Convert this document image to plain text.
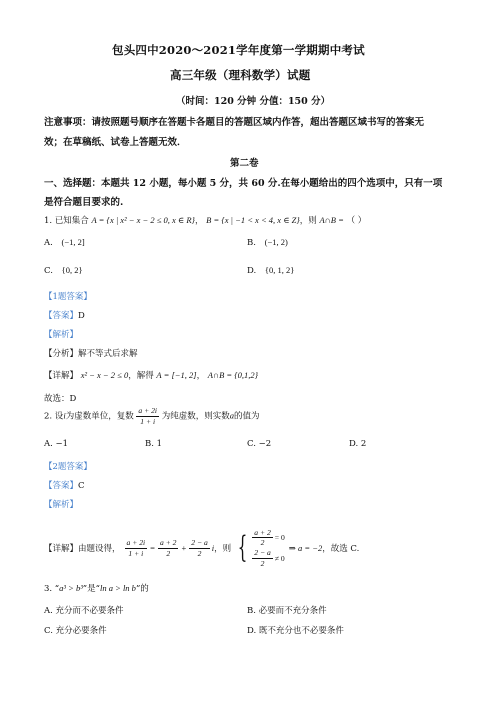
包头四中2020～2021学年度第一学期期中考试
高三年级（理科数学）试题
（时间：120 分钟 分值：150 分）
注意事项：请按照题号顺序在答题卡各题目的答题区域内作答，超出答题区域书写的答案无
效；在草稿纸、试卷上答题无效．
第二卷
一、选择题：本题共 12 小题，每小题 5 分，共 60 分.在每小题给出的四个选项中，只有一项
是符合题目要求的.
1. 已知集合 A = {x | x² − x − 2 ≤ 0, x ∈ R}， B = {x | −1 < x < 4, x ∈ Z}，则 A∩B = （ ）
A. (−1, 2]	B. (−1, 2)
C. {0, 2}	D. {0, 1, 2}
【1题答案】
【答案】D
【解析】
【分析】解不等式后求解
【详解】 x² − x − 2 ≤ 0，解得 A = [−1, 2]， A∩B = {0,1,2}
故选：D
2. 设i为虚数单位，复数 $\frac{a + 2i}{1 + i}$ 为纯虚数，则实数a的值为
A. −1	B. 1	C. −2	D. 2
【2题答案】
【答案】C
【解析】
【详解】 由题设得， $\frac{a + 2i}{1 + i} = \frac{a + 2}{2} + \frac{2 - a}{2}$ i ，则 { $\frac{a + 2}{2} = 0$
$\frac{2 - a}{2} \ne 0$
⇒ a = −2 ，故选 C.
3. “a³ > b³”是“ln a > ln b”的
A. 充分而不必要条件	B. 必要而不充分条件
C. 充分必要条件	D. 既不充分也不必要条件
